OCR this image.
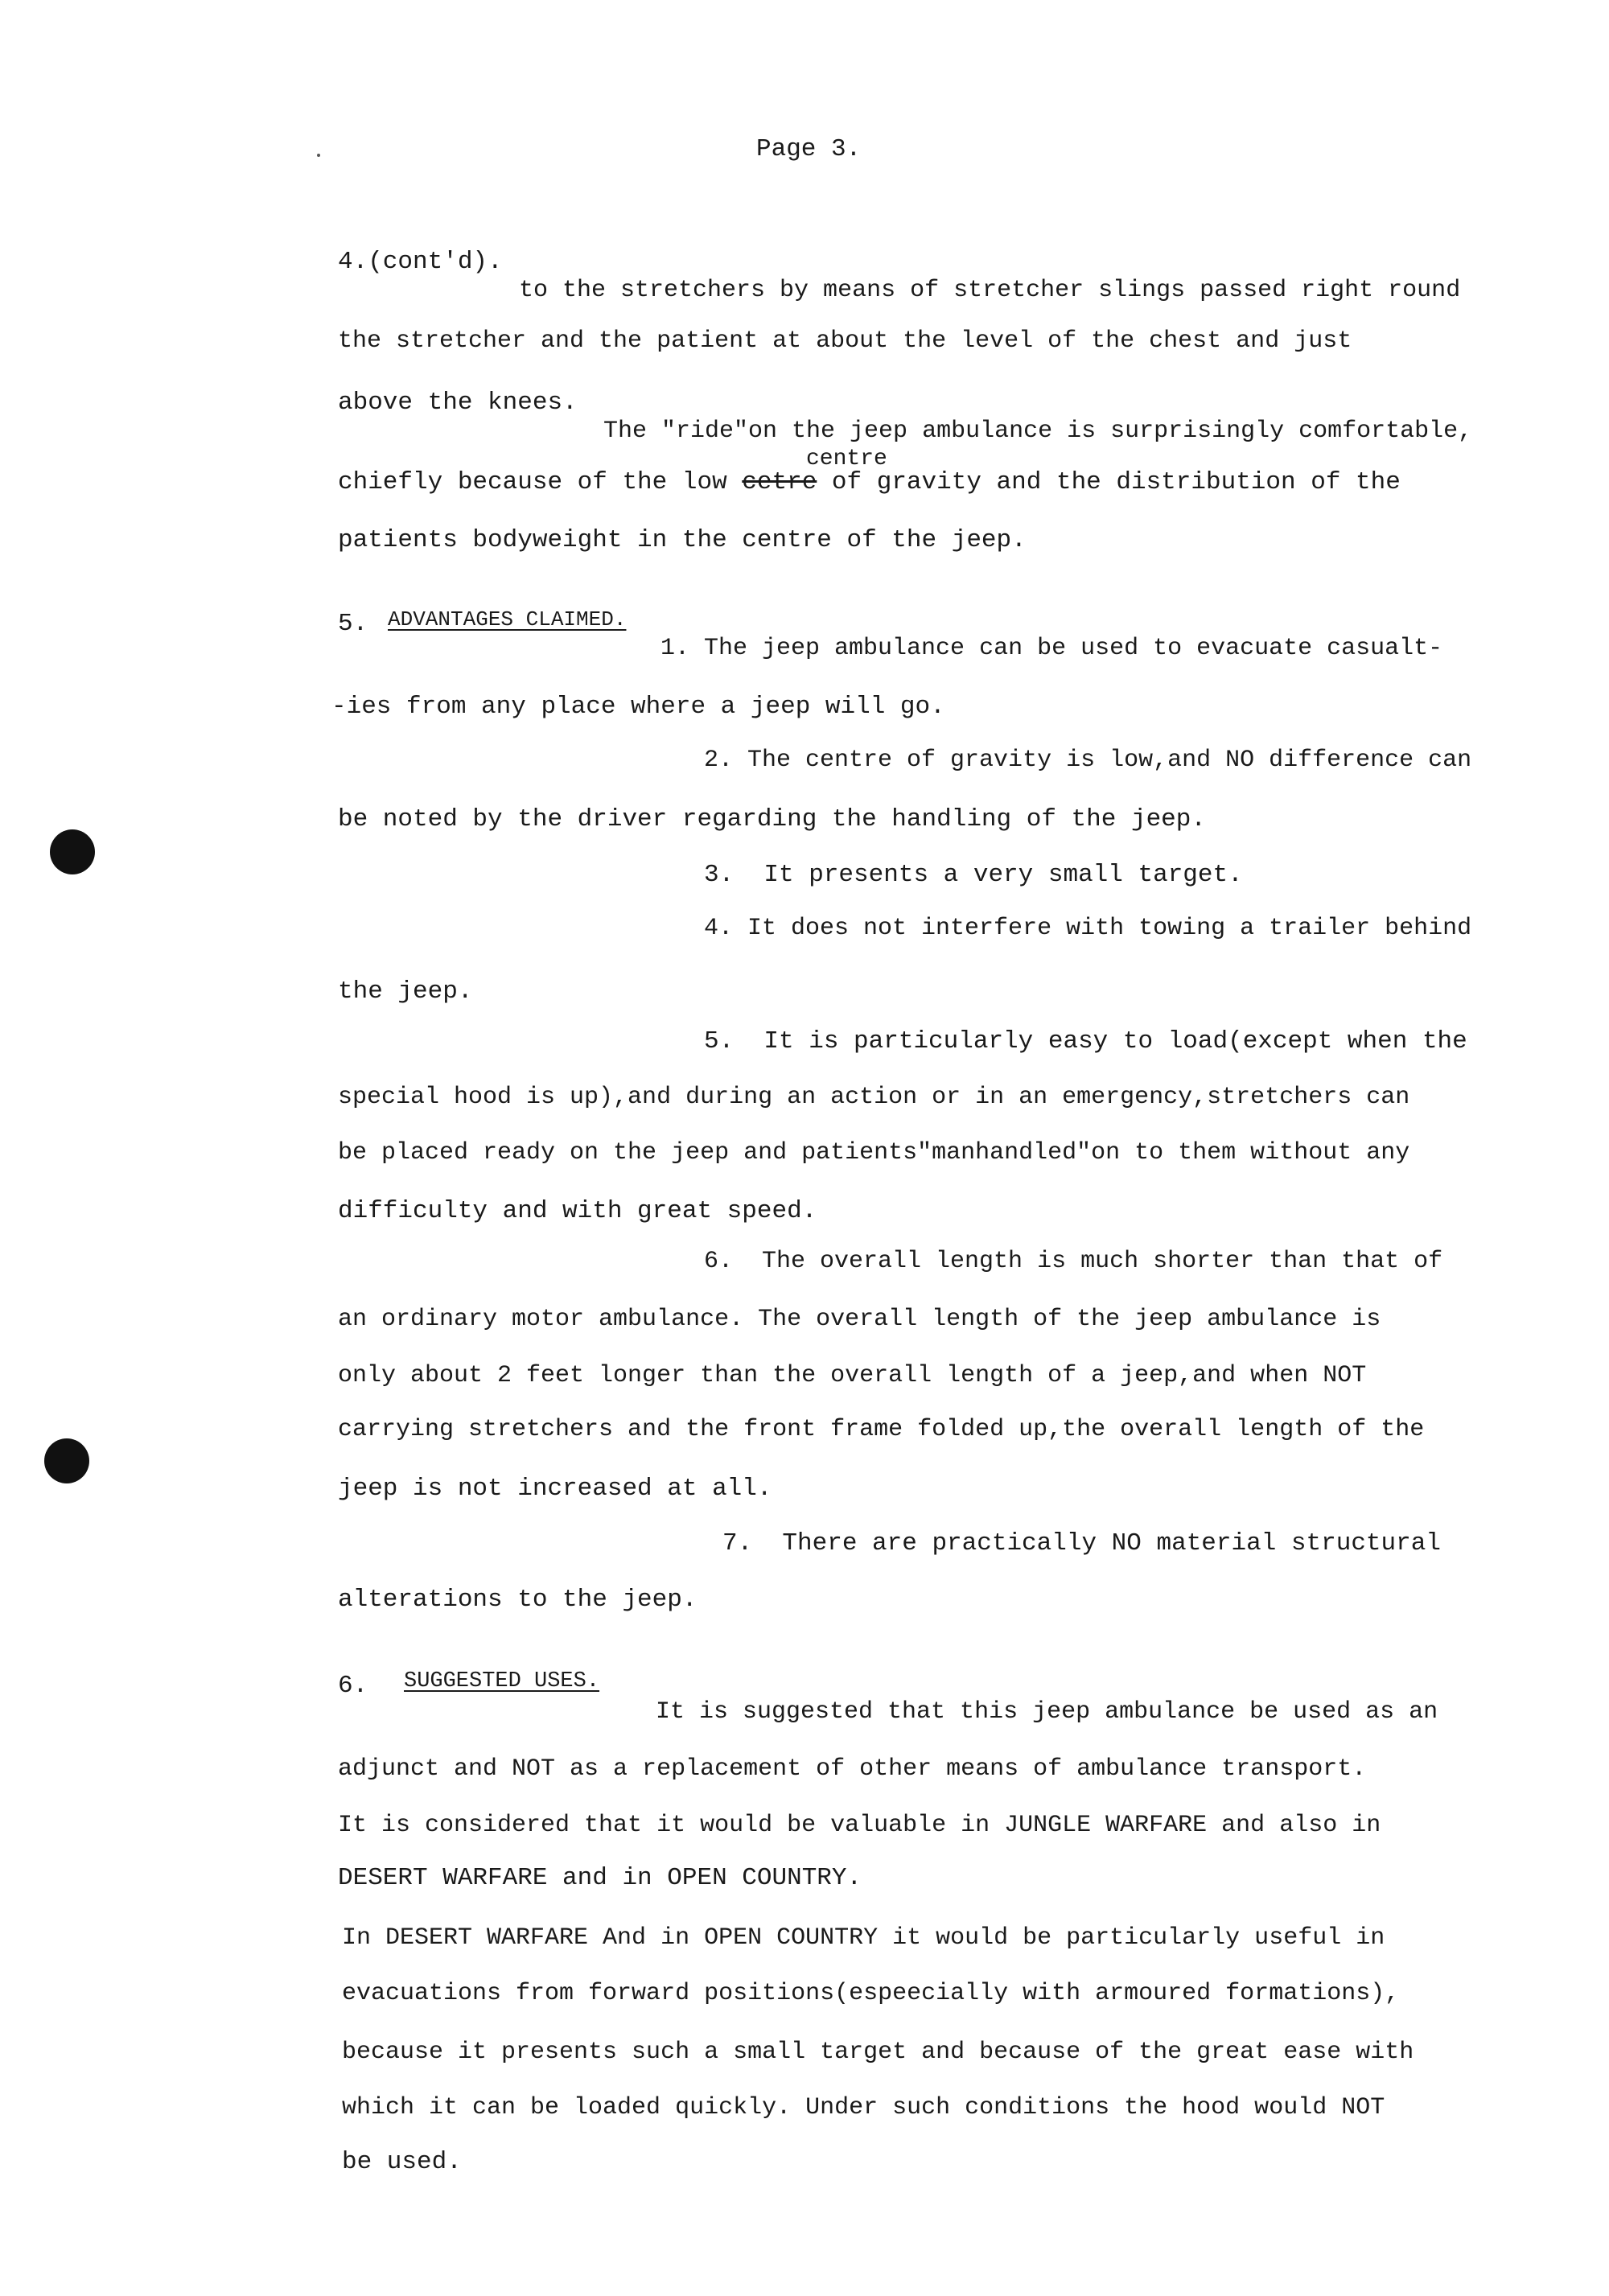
Page 3.
4.(cont'd).
to the stretchers by means of stretcher slings passed right round
the stretcher and the patient at about the level of the chest and just
above the knees.
The "ride"on the jeep ambulance is surprisingly comfortable,
centre
chiefly because of the low cetre of gravity and the distribution of the
patients bodyweight in the centre of the jeep.
5. ADVANTAGES CLAIMED.
1. The jeep ambulance can be used to evacuate casualt-
-ies from any place where a jeep will go.
2. The centre of gravity is low,and NO difference can
be noted by the driver regarding the handling of the jeep.
3.  It presents a very small target.
4. It does not interfere with towing a trailer behind
the jeep.
5.  It is particularly easy to load(except when the
special hood is up),and during an action or in an emergency,stretchers can
be placed ready on the jeep and patients"manhandled"on to them without any
difficulty and with great speed.
6.  The overall length is much shorter than that of
an ordinary motor ambulance. The overall length of the jeep ambulance is
only about 2 feet longer than the overall length of a jeep,and when NOT
carrying stretchers and the front frame folded up,the overall length of the
jeep is not increased at all.
7.  There are practically NO material structural
alterations to the jeep.
6. SUGGESTED USES.
It is suggested that this jeep ambulance be used as an
adjunct and NOT as a replacement of other means of ambulance transport.
It is considered that it would be valuable in JUNGLE WARFARE and also in
DESERT WARFARE and in OPEN COUNTRY.
In DESERT WARFARE And in OPEN COUNTRY it would be particularly useful in
evacuations from forward positions(espeecially with armoured formations),
because it presents such a small target and because of the great ease with
which it can be loaded quickly. Under such conditions the hood would NOT
be used.
